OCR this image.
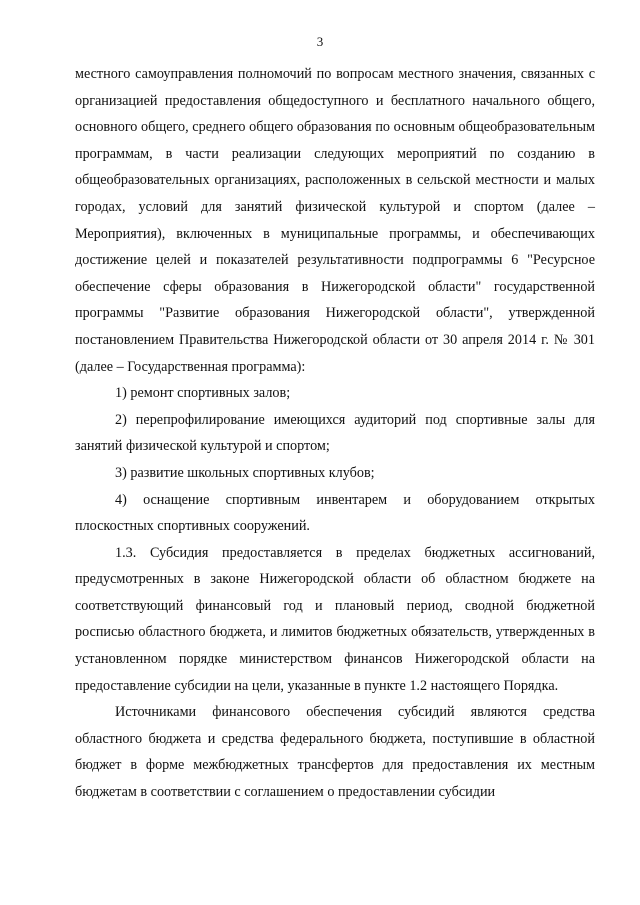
3

местного самоуправления полномочий по вопросам местного значения, связанных с организацией предоставления общедоступного и бесплатного начального общего, основного общего, среднего общего образования по основным общеобразовательным программам, в части реализации следующих мероприятий по созданию в общеобразовательных организациях, расположенных в сельской местности и малых городах, условий для занятий физической культурой и спортом (далее – Мероприятия), включенных в муниципальные программы, и обеспечивающих достижение целей и показателей результативности подпрограммы 6 "Ресурсное обеспечение сферы образования в Нижегородской области" государственной программы "Развитие образования Нижегородской области", утвержденной постановлением Правительства Нижегородской области от 30 апреля 2014 г. № 301 (далее – Государственная программа):

1) ремонт спортивных залов;

2) перепрофилирование имеющихся аудиторий под спортивные залы для занятий физической культурой и спортом;

3) развитие школьных спортивных клубов;

4) оснащение спортивным инвентарем и оборудованием открытых плоскостных спортивных сооружений.

1.3. Субсидия предоставляется в пределах бюджетных ассигнований, предусмотренных в законе Нижегородской области об областном бюджете на соответствующий финансовый год и плановый период, сводной бюджетной росписью областного бюджета, и лимитов бюджетных обязательств, утвержденных в установленном порядке министерством финансов Нижегородской области на предоставление субсидии на цели, указанные в пункте 1.2 настоящего Порядка.

Источниками финансового обеспечения субсидий являются средства областного бюджета и средства федерального бюджета, поступившие в областной бюджет в форме межбюджетных трансфертов для предоставления их местным бюджетам в соответствии с соглашением о предоставлении субсидии
